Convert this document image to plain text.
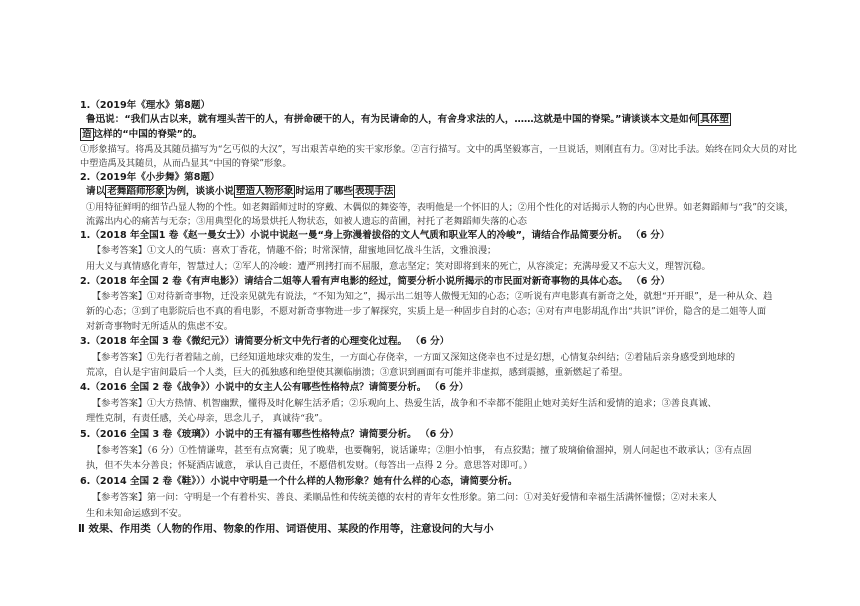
1.（2019年《理水》第8题）
鲁迅说：“我们从古以来，就有埋头苦干的人，有拼命硬干的人，有为民请命的人，有舍身求法的人，……这就是中国的脊梁。”请谈谈本文是如何 具体塑
造 这样的“中国的脊梁”的。
①形象描写。将禹及其随员描写为“乞丐似的大汉”，写出艰苦卓绝的实干家形象。②言行描写。文中的禹坚毅寡言，一旦说话，则刚直有力。③对比手法。始终在同众大员的对比
中塑造禹及其随员，从而凸显其“中国的脊梁”形象。
2.（2019年《小步舞》第8题）
请以 老舞蹈师形象 为例，谈谈小说 塑造人物形象 时运用了哪些 表现手法
①用特征鲜明的细节凸显人物的个性。如老舞蹈师过时的穿戴、木偶似的舞姿等，表明他是一个怀旧的人；②用个性化的对话揭示人物的内心世界。如老舞蹈师与“我”的交谈，
流露出内心的痛苦与无奈；③用典型化的场景烘托人物状态，如被人遗忘的苗圃，衬托了老舞蹈师失落的心态
1.（2018 年全国1 卷《赵一曼女士》）小说中说赵一曼“身上弥漫着拔俗的文人气质和职业军人的冷峻”，请结合作品简要分析。 （6 分）
【参考答案】①文人的气质：喜欢丁香花，情趣不俗；时常深情，甜蜜地回忆战斗生活，文雅浪漫；
用大义与真情感化青年，智慧过人；②军人的冷峻：遭严刑拷打而不屈服，意志坚定；笑对即将到来的死亡，从容淡定；充满母爱又不忘大义，理智沉稳。
2.（2018 年全国 2 卷《有声电影》）请结合二姐等人看有声电影的经过，简要分析小说所揭示的市民面对新奇事物的具体心态。 （6 分）
【参考答案】①对待新奇事物，迁没亲见就先有说法，“不知为知之”，揭示出二姐等人傲慢无知的心态；②听说有声电影真有新奇之处，就想“开开眼”，是一种从众、趋
新的心态；③到了电影院后也不真的看电影，不愿对新奇事物进一步了解探究，实质上是一种固步自封的心态；④对有声电影胡乱作出“共识”评价，隐含的是二姐等人面
对新奇事物时无所适从的焦虑不安。
3.（2018 年全国 3 卷《微纪元》）请简要分析文中先行者的心理变化过程。 （6 分）
【参考答案】①先行者着陆之前，已经知道地球灾难的发生，一方面心存侥幸，一方面又深知这侥幸也不过是幻想，心情复杂纠结；②着陆后亲身感受到地球的
荒凉，自认是宇宙间最后一个人类，巨大的孤独感和绝望使其濒临崩溃；③意识到画面有可能并非虚拟，感到震撼，重新燃起了希望。
4.（2016 全国 2 卷《战争》）小说中的女主人公有哪些性格特点？请简要分析。 （6 分）
【参考答案】①大方热情、机智幽默，懂得及时化解生活矛盾；②乐观向上、热爱生活，战争和不幸都不能阻止她对美好生活和爱情的追求；③善良真诚、
理性克制，有责任感，关心母亲，思念儿子， 真诚待“我”。
5.（2016 全国 3 卷《玻璃》）小说中的王有福有哪些性格特点？请简要分析。 （6 分）
【参考答案】（6 分）①性情谦卑，甚至有点窝囊；见了晚辈，也要鞠躬，说话谦卑；②胆小怕事， 有点狡黠；擅了玻璃偷偷溜掉，别人问起也不敢承认；③有点固
执，但不失本分善良；怀疑酒店诚意， 承认自己责任，不愿借机发财。（每答出一点得 2 分。意思答对即可。）
6.（2014 全国 2 卷《鞋》））小说中守明是一个什么样的人物形象？她有什么样的心态，请简要分析。
【参考答案】第一问：守明是一个有着朴实、善良、柔顺品性和传统美德的农村的青年女性形象。第二问：①对美好爱情和幸福生活满怀憧憬；②对未来人
生和未知命运感到不安。
Ⅱ 效果、作用类（人物的作用、物象的作用、词语使用、某段的作用等，注意设问的大与小
